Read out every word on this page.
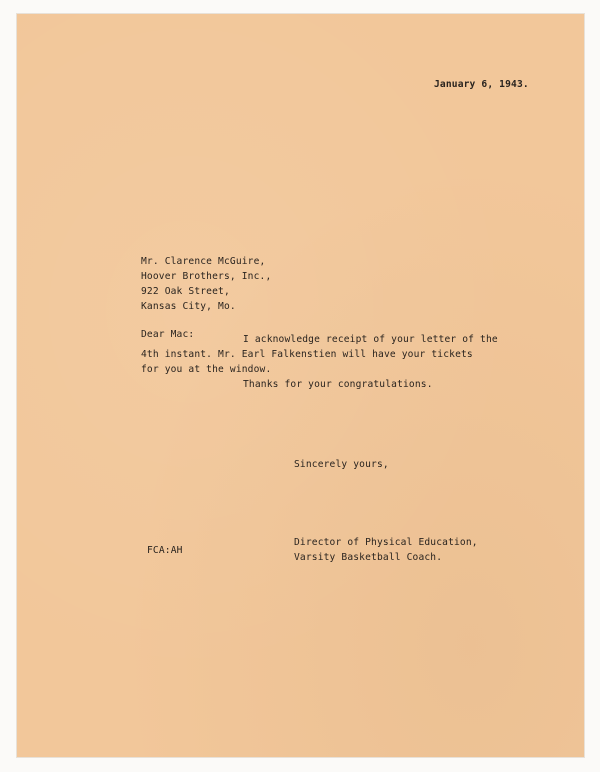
January 6, 1943.

Mr. Clarence McGuire,

Hoover Brothers, Inc.,

922 Oak Street,

Kansas City, Mo.

Dear Mac:	I acknowledge receipt of your letter of the

4th instant. Mr. Earl Falkenstien will have your tickets

for you at the window.

Thanks for your congratulations.

Sincerely yours,

Director of Physical Education,

Varsity Basketball Coach.

FCA:AH
